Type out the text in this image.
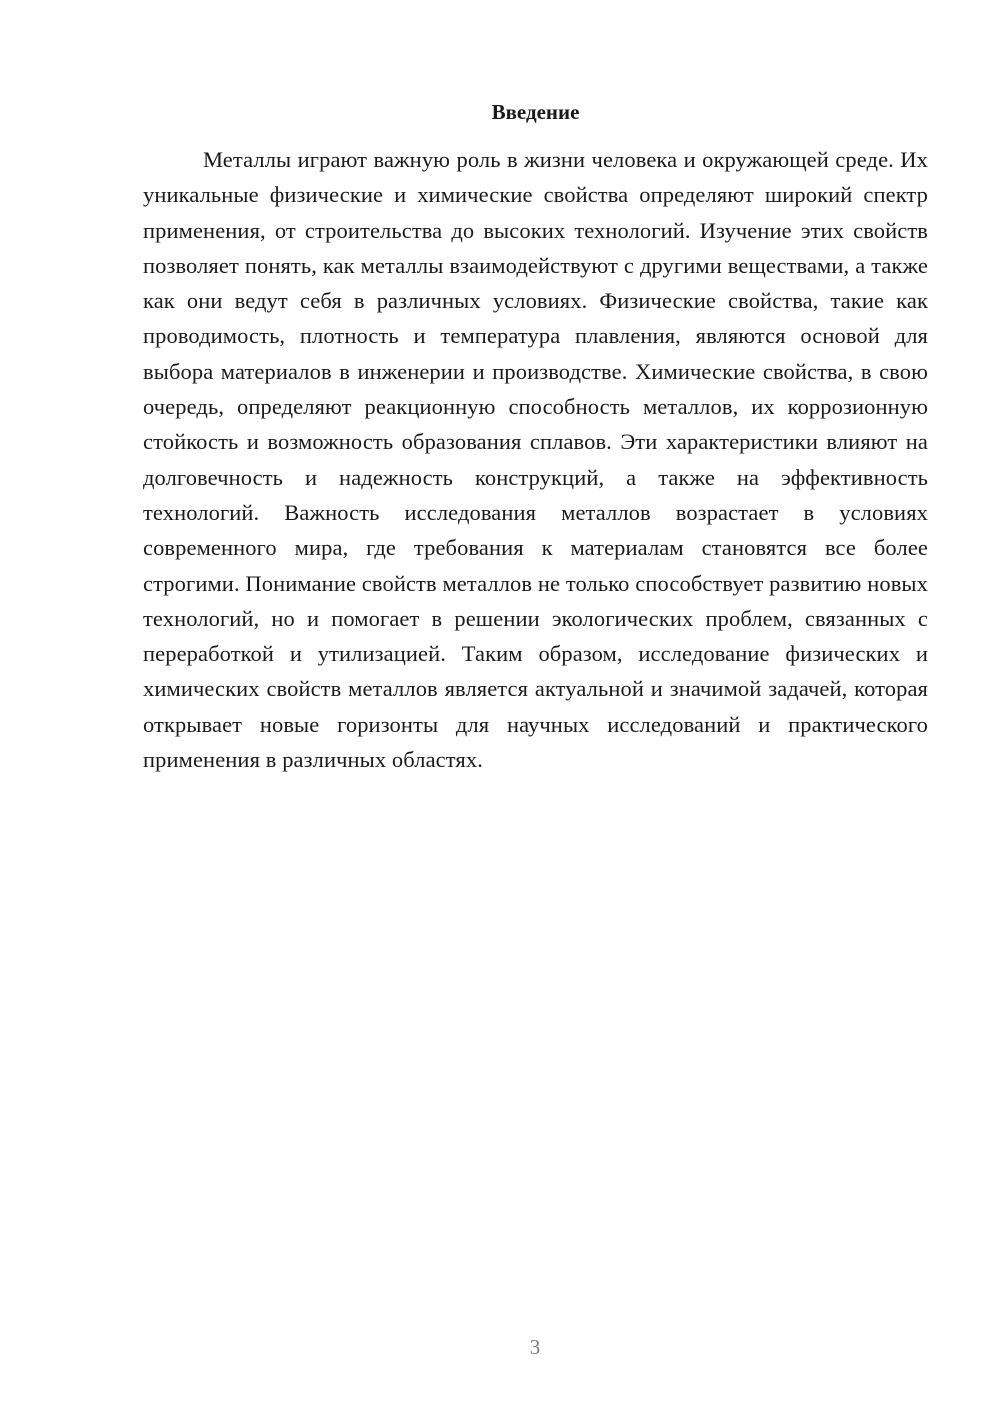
Введение

Металлы играют важную роль в жизни человека и окружающей среде. Их уникальные физические и химические свойства определяют широкий спектр применения, от строительства до высоких технологий. Изучение этих свойств позволяет понять, как металлы взаимодействуют с другими веществами, а также как они ведут себя в различных условиях. Физические свойства, такие как проводимость, плотность и температура плавления, являются основой для выбора материалов в инженерии и производстве. Химические свойства, в свою очередь, определяют реакционную способность металлов, их коррозионную стойкость и возможность образования сплавов. Эти характеристики влияют на долговечность и надежность конструкций, а также на эффективность технологий. Важность исследования металлов возрастает в условиях современного мира, где требования к материалам становятся все более строгими. Понимание свойств металлов не только способствует развитию новых технологий, но и помогает в решении экологических проблем, связанных с переработкой и утилизацией. Таким образом, исследование физических и химических свойств металлов является актуальной и значимой задачей, которая открывает новые горизонты для научных исследований и практического применения в различных областях.

3
